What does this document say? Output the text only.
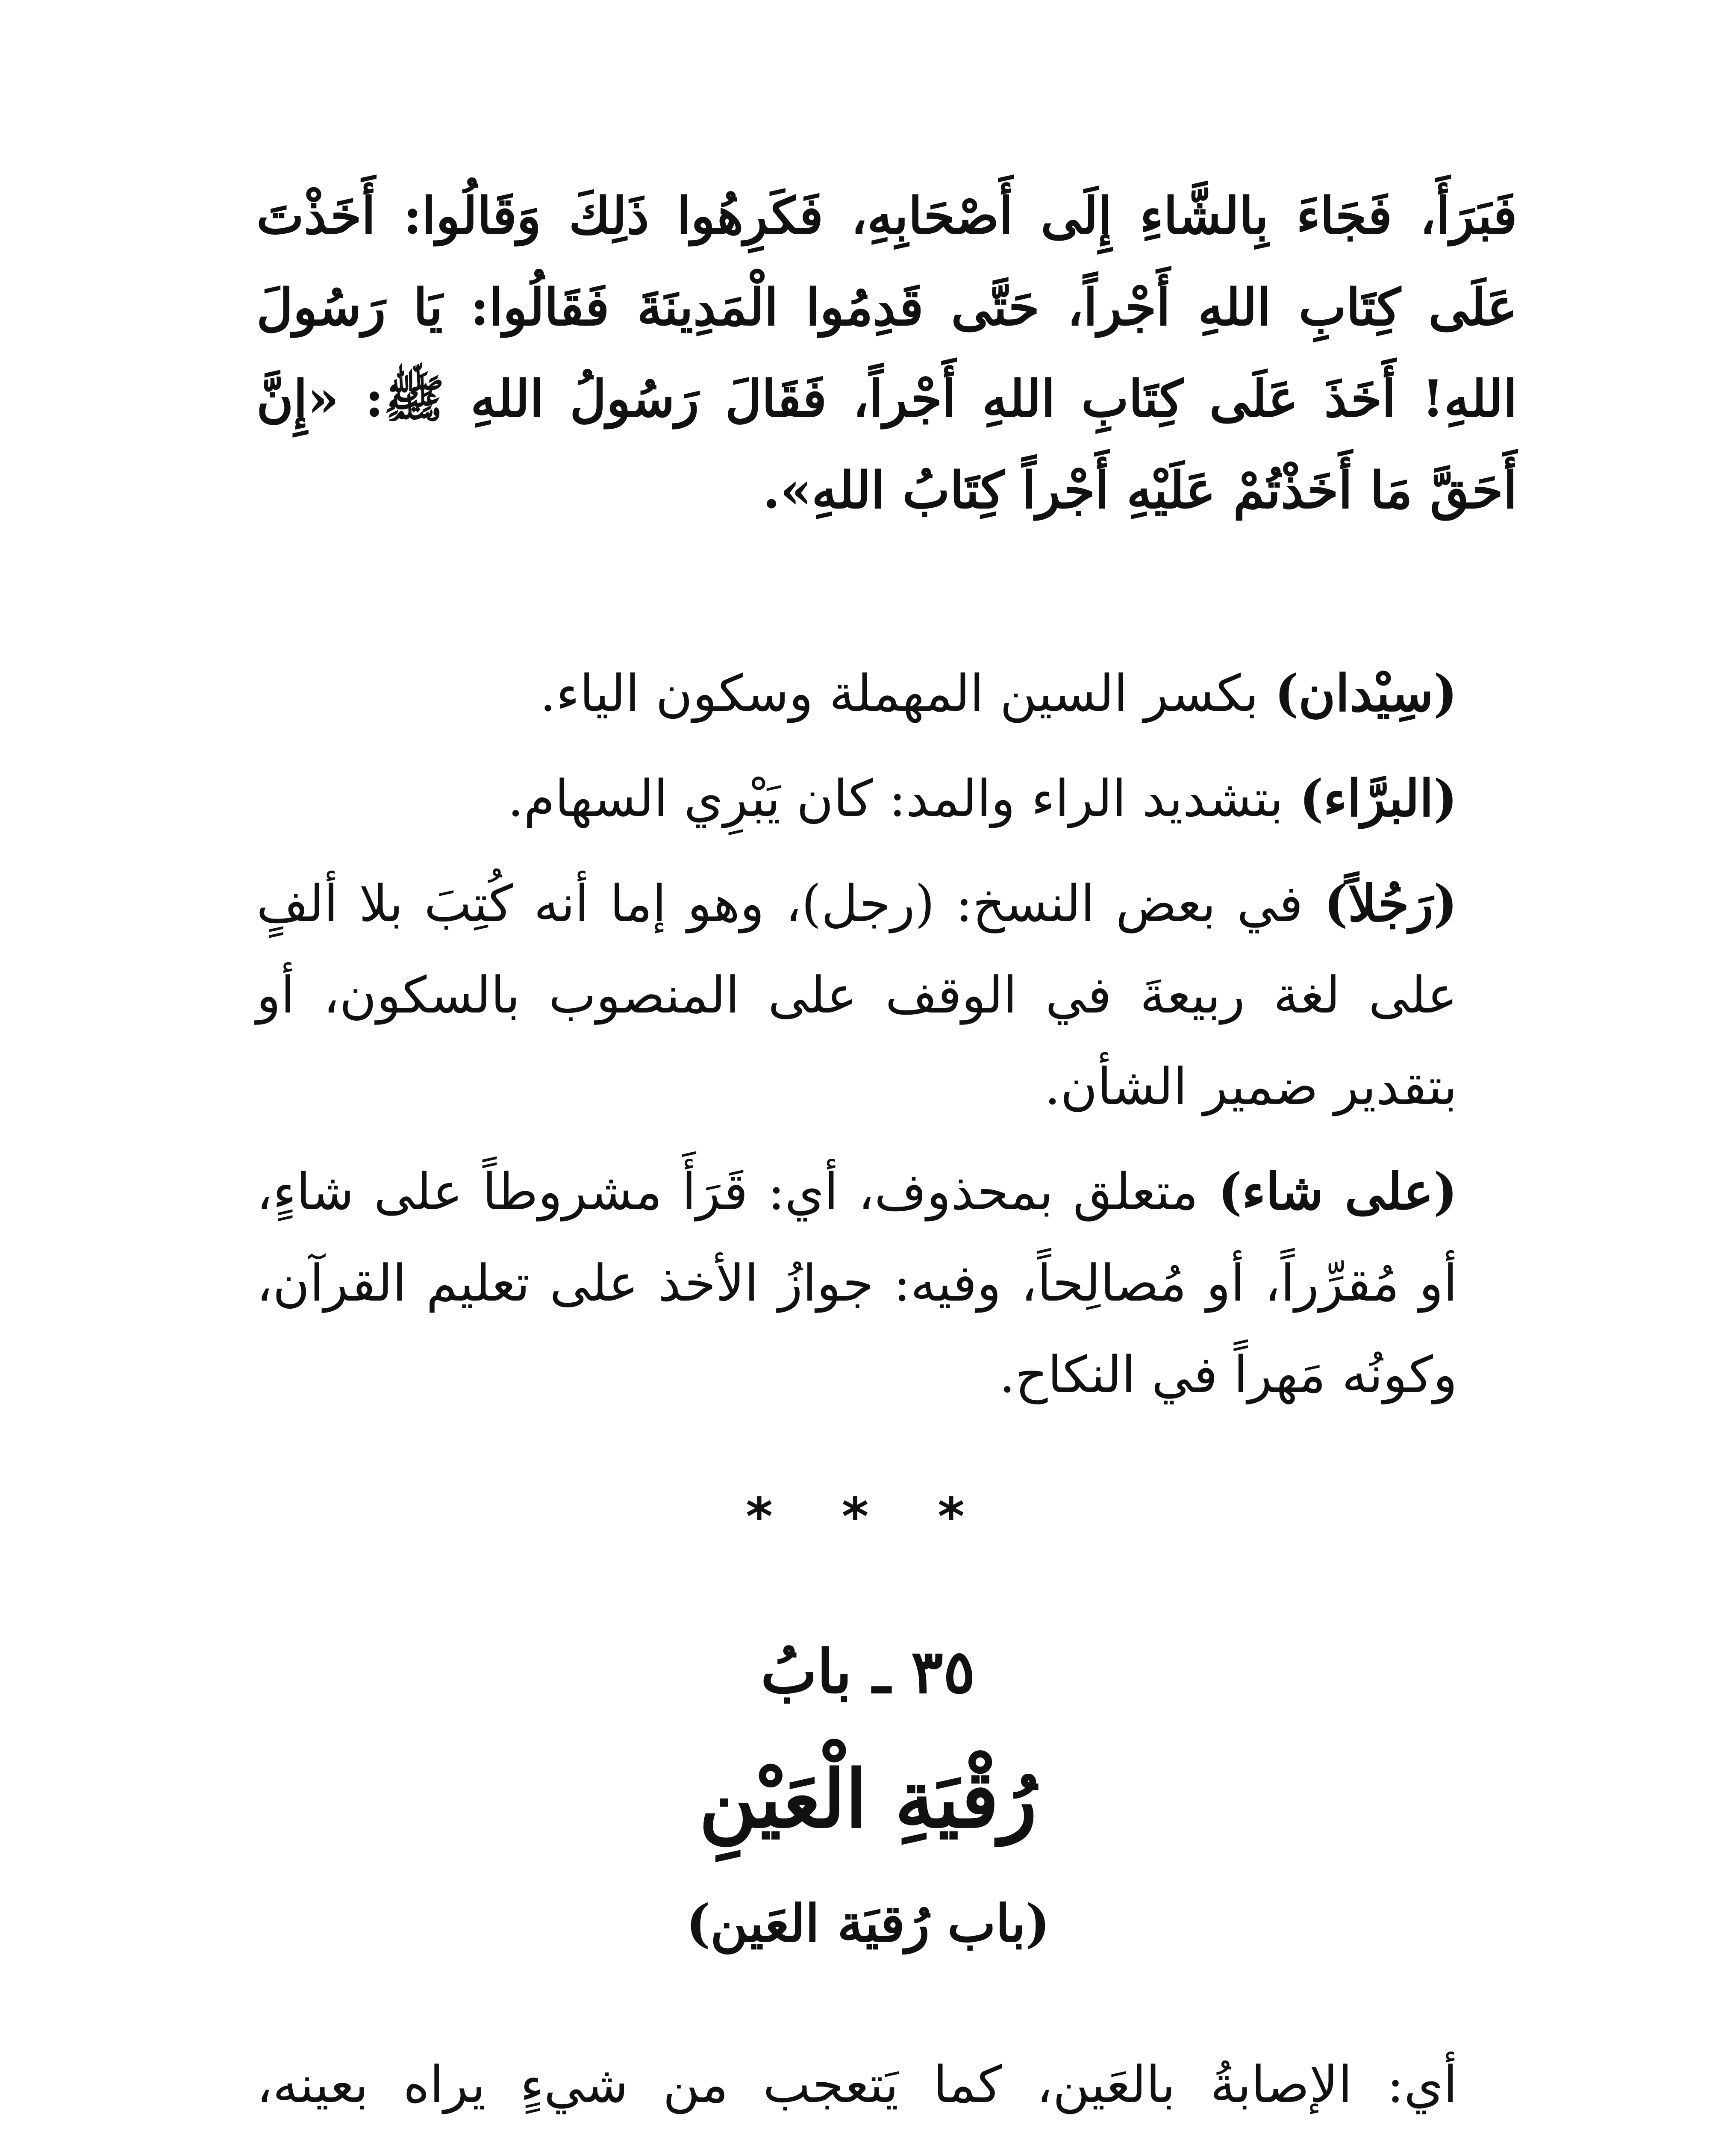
فَبَرَأَ، فَجَاءَ بِالشَّاءِ إِلَى أَصْحَابِهِ، فَكَرِهُوا ذَلِكَ وَقَالُوا: أَخَذْتَ عَلَى كِتَابِ اللهِ أَجْراً، حَتَّى قَدِمُوا الْمَدِينَةَ فَقَالُوا: يَا رَسُولَ اللهِ! أَخَذَ عَلَى كِتَابِ اللهِ أَجْراً، فَقَالَ رَسُولُ اللهِ ﷺ: «إِنَّ أَحَقَّ مَا أَخَذْتُمْ عَلَيْهِ أَجْراً كِتَابُ اللهِ».

(سِيْدان) بكسر السين المهملة وسكون الياء.

(البرَّاء) بتشديد الراء والمد: كان يَبْرِي السهام.

(رَجُلاً) في بعض النسخ: (رجل)، وهو إما أنه كُتِبَ بلا ألفٍ على لغة ربيعةَ في الوقف على المنصوب بالسكون، أو بتقدير ضمير الشأن.

(على شاء) متعلق بمحذوف، أي: قَرَأَ مشروطاً على شاءٍ، أو مُقرِّراً، أو مُصالِحاً، وفيه: جوازُ الأخذ على تعليم القرآن، وكونُه مَهراً في النكاح.

* * *
٣٥ ـ بابُ
رُقْيَةِ الْعَيْنِ
(باب رُقيَة العَين)

أي: الإصابةُ بالعَين، كما يَتعجب من شيءٍ يراه بعينه،
